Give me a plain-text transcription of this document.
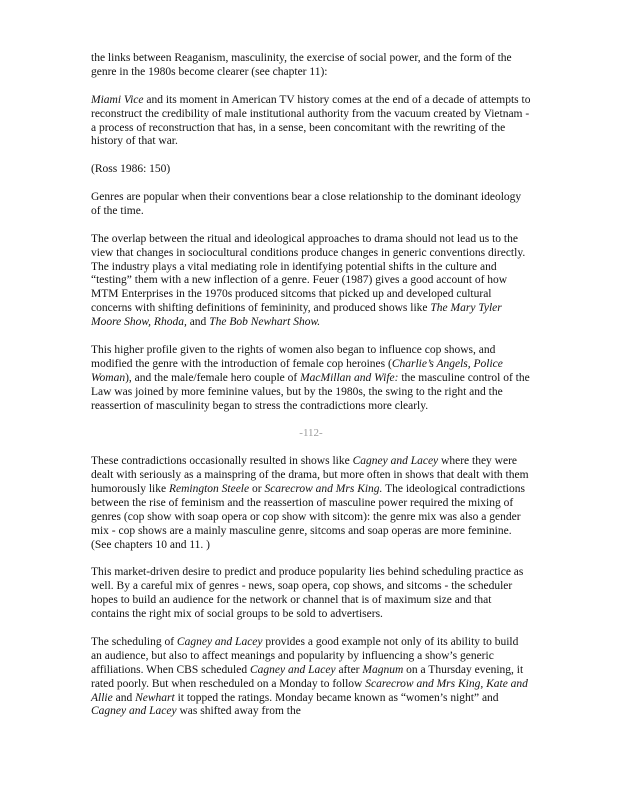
the links between Reaganism, masculinity, the exercise of social power, and the form of the genre in the 1980s become clearer (see chapter 11):

Miami Vice and its moment in American TV history comes at the end of a decade of attempts to reconstruct the credibility of male institutional authority from the vacuum created by Vietnam - a process of reconstruction that has, in a sense, been concomitant with the rewriting of the history of that war.

(Ross 1986: 150)

Genres are popular when their conventions bear a close relationship to the dominant ideology of the time.

The overlap between the ritual and ideological approaches to drama should not lead us to the view that changes in sociocultural conditions produce changes in generic conventions directly. The industry plays a vital mediating role in identifying potential shifts in the culture and “testing” them with a new inflection of a genre. Feuer (1987) gives a good account of how MTM Enterprises in the 1970s produced sitcoms that picked up and developed cultural concerns with shifting definitions of femininity, and produced shows like The Mary Tyler Moore Show, Rhoda, and The Bob Newhart Show.

This higher profile given to the rights of women also began to influence cop shows, and modified the genre with the introduction of female cop heroines (Charlie’s Angels, Police Woman), and the male/female hero couple of MacMillan and Wife: the masculine control of the Law was joined by more feminine values, but by the 1980s, the swing to the right and the reassertion of masculinity began to stress the contradictions more clearly.

-112-

These contradictions occasionally resulted in shows like Cagney and Lacey where they were dealt with seriously as a mainspring of the drama, but more often in shows that dealt with them humorously like Remington Steele or Scarecrow and Mrs King. The ideological contradictions between the rise of feminism and the reassertion of masculine power required the mixing of genres (cop show with soap opera or cop show with sitcom): the genre mix was also a gender mix - cop shows are a mainly masculine genre, sitcoms and soap operas are more feminine. (See chapters 10 and 11. )

This market-driven desire to predict and produce popularity lies behind scheduling practice as well. By a careful mix of genres - news, soap opera, cop shows, and sitcoms - the scheduler hopes to build an audience for the network or channel that is of maximum size and that contains the right mix of social groups to be sold to advertisers.

The scheduling of Cagney and Lacey provides a good example not only of its ability to build an audience, but also to affect meanings and popularity by influencing a show’s generic affiliations. When CBS scheduled Cagney and Lacey after Magnum on a Thursday evening, it rated poorly. But when rescheduled on a Monday to follow Scarecrow and Mrs King, Kate and Allie and Newhart it topped the ratings. Monday became known as “women’s night” and Cagney and Lacey was shifted away from the
